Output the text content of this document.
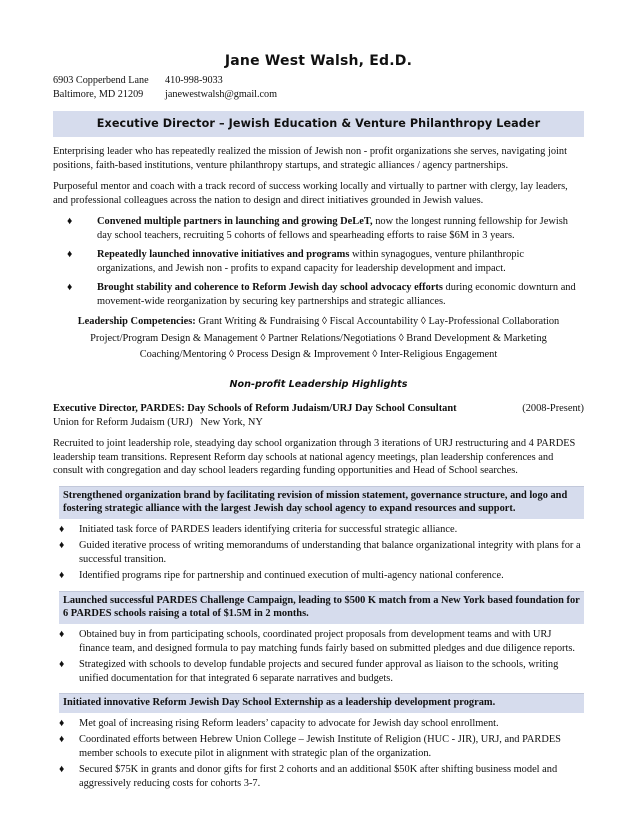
Jane West Walsh, Ed.D.
6903 Copperbend Lane
Baltimore, MD 21209
410-998-9033
janewestwalsh@gmail.com
Executive Director – Jewish Education & Venture Philanthropy Leader
Enterprising leader who has repeatedly realized the mission of Jewish non - profit organizations she serves, navigating joint positions, faith-based institutions, venture philanthropy startups, and strategic alliances / agency partnerships.
Purposeful mentor and coach with a track record of success working locally and virtually to partner with clergy, lay leaders, and professional colleagues across the nation to design and direct initiatives grounded in Jewish values.
♦ Convened multiple partners in launching and growing DeLeT, now the longest running fellowship for Jewish day school teachers, recruiting 5 cohorts of fellows and spearheading efforts to raise $6M in 3 years.
♦ Repeatedly launched innovative initiatives and programs within synagogues, venture philanthropic organizations, and Jewish non - profits to expand capacity for leadership development and impact.
♦ Brought stability and coherence to Reform Jewish day school advocacy efforts during economic downturn and movement-wide reorganization by securing key partnerships and strategic alliances.
Leadership Competencies: Grant Writing & Fundraising ◊ Fiscal Accountability ◊ Lay-Professional Collaboration
Project/Program Design & Management ◊ Partner Relations/Negotiations ◊ Brand Development & Marketing
Coaching/Mentoring ◊ Process Design & Improvement ◊ Inter-Religious Engagement
Non-profit Leadership Highlights
Executive Director, PARDES: Day Schools of Reform Judaism/URJ Day School Consultant	(2008-Present)
Union for Reform Judaism (URJ) New York, NY
Recruited to joint leadership role, steadying day school organization through 3 iterations of URJ restructuring and 4 PARDES leadership team transitions. Represent Reform day schools at national agency meetings, plan leadership conferences and consult with congregation and day school leaders regarding funding opportunities and Head of School searches.
Strengthened organization brand by facilitating revision of mission statement, governance structure, and logo and fostering strategic alliance with the largest Jewish day school agency to expand resources and support.
♦ Initiated task force of PARDES leaders identifying criteria for successful strategic alliance.
♦ Guided iterative process of writing memorandums of understanding that balance organizational integrity with plans for a successful transition.
♦ Identified programs ripe for partnership and continued execution of multi-agency national conference.
Launched successful PARDES Challenge Campaign, leading to $500 K match from a New York based foundation for 6 PARDES schools raising a total of $1.5M in 2 months.
♦ Obtained buy in from participating schools, coordinated project proposals from development teams and with URJ finance team, and designed formula to pay matching funds fairly based on submitted pledges and due diligence reports.
♦ Strategized with schools to develop fundable projects and secured funder approval as liaison to the schools, writing unified documentation for that integrated 6 separate narratives and budgets.
Initiated innovative Reform Jewish Day School Externship as a leadership development program.
♦ Met goal of increasing rising Reform leaders’ capacity to advocate for Jewish day school enrollment.
♦ Coordinated efforts between Hebrew Union College – Jewish Institute of Religion (HUC - JIR), URJ, and PARDES member schools to execute pilot in alignment with strategic plan of the organization.
♦ Secured $75K in grants and donor gifts for first 2 cohorts and an additional $50K after shifting business model and aggressively reducing costs for cohorts 3-7.
